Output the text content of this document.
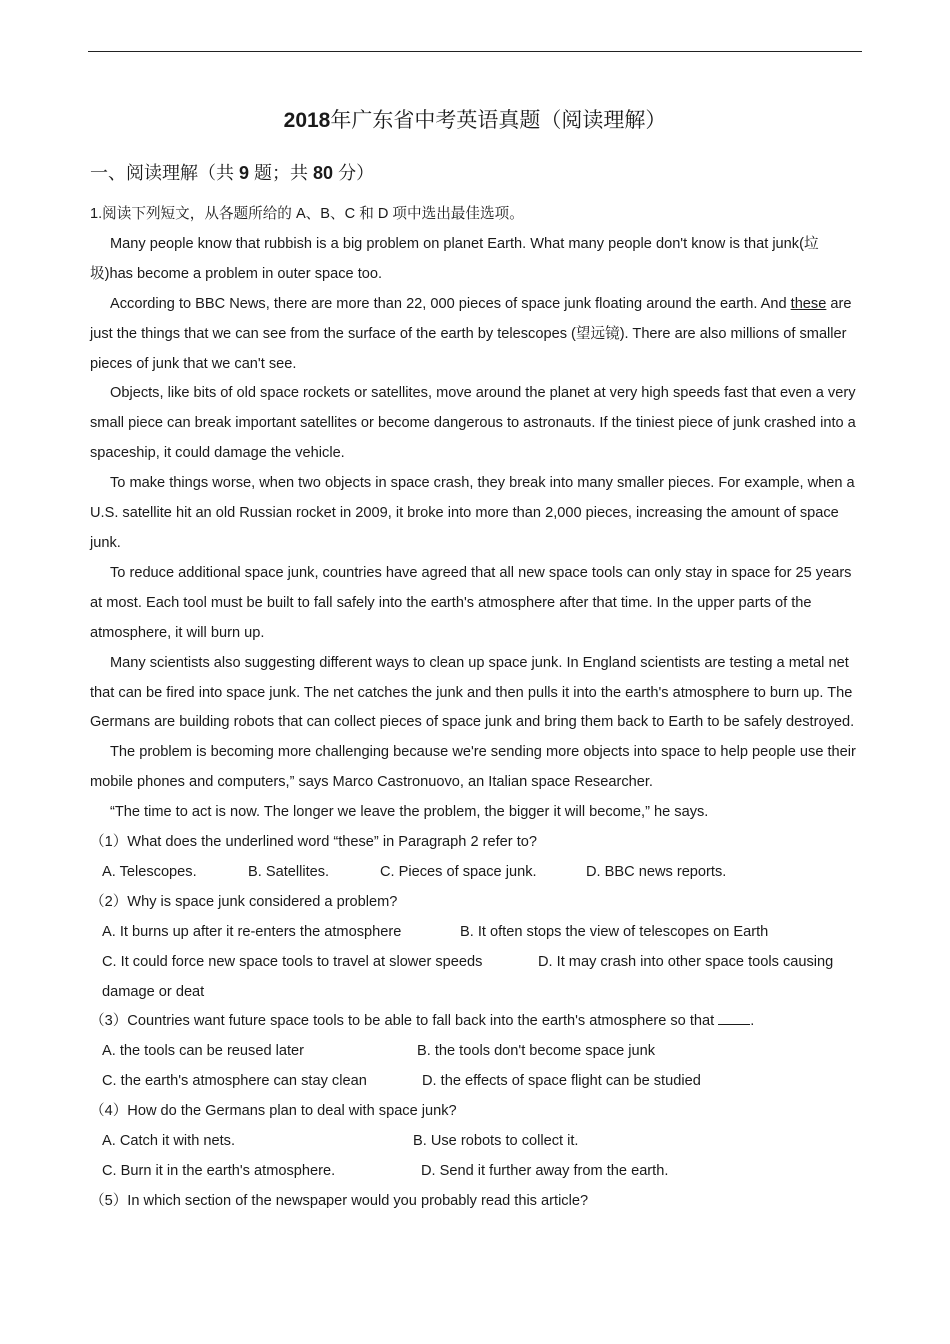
2018年广东省中考英语真题（阅读理解）
一、阅读理解（共 9 题；共 80 分）

1.阅读下列短文，从各题所给的 A、B、C 和 D 项中选出最佳选项。

Many people know that rubbish is a big problem on planet Earth. What many people don't know is that junk(垃圾)has become a problem in outer space too.

According to BBC News, there are more than 22, 000 pieces of space junk floating around the earth. And these are just the things that we can see from the surface of the earth by telescopes (望远镜). There are also millions of smaller pieces of junk that we can't see.

Objects, like bits of old space rockets or satellites, move around the planet at very high speeds fast that even a very small piece can break important satellites or become dangerous to astronauts. If the tiniest piece of junk crashed into a spaceship, it could damage the vehicle.

To make things worse, when two objects in space crash, they break into many smaller pieces. For example, when a U.S. satellite hit an old Russian rocket in 2009, it broke into more than 2,000 pieces, increasing the amount of space junk.

To reduce additional space junk, countries have agreed that all new space tools can only stay in space for 25 years at most. Each tool must be built to fall safely into the earth's atmosphere after that time. In the upper parts of the atmosphere, it will burn up.

Many scientists also suggesting different ways to clean up space junk. In England scientists are testing a metal net that can be fired into space junk. The net catches the junk and then pulls it into the earth's atmosphere to burn up. The Germans are building robots that can collect pieces of space junk and bring them back to Earth to be safely destroyed.

The problem is becoming more challenging because we're sending more objects into space to help people use their mobile phones and computers,” says Marco Castronuovo, an Italian space Researcher.

“The time to act is now. The longer we leave the problem, the bigger it will become,” he says.

（1）What does the underlined word “these” in Paragraph 2 refer to?

A. Telescopes.	B. Satellites.	C. Pieces of space junk.	D. BBC news reports.

（2）Why is space junk considered a problem?

A. It burns up after it re-enters the atmosphere	B. It often stops the view of telescopes on Earth
C. It could force new space tools to travel at slower speeds	D. It may crash into other space tools causing

damage or deat

（3）Countries want future space tools to be able to fall back into the earth's atmosphere so that .

A. the tools can be reused later	B. the tools don't become space junk
C. the earth's atmosphere can stay clean	D. the effects of space flight can be studied

（4）How do the Germans plan to deal with space junk?

A. Catch it with nets.	B. Use robots to collect it.
C. Burn it in the earth's atmosphere.	D. Send it further away from the earth.

（5）In which section of the newspaper would you probably read this article?
